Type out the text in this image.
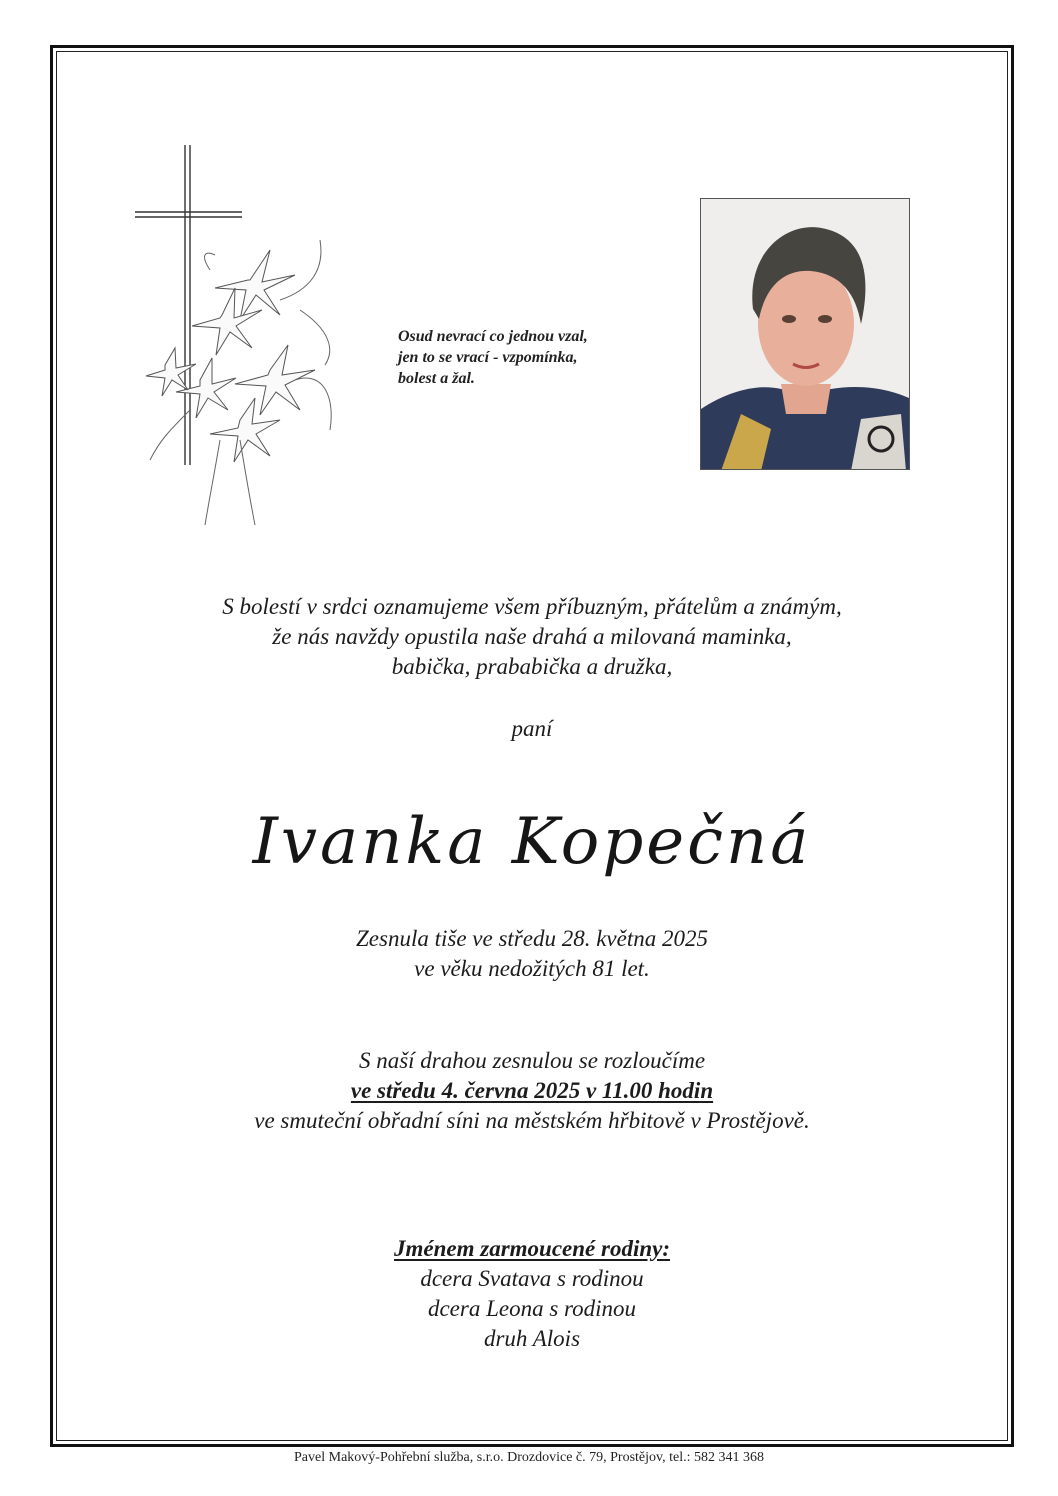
Osud nevrací co jednou vzal,
jen to se vrací - vzpomínka,
bolest a žal.
S bolestí v srdci oznamujeme všem příbuzným, přátelům a známým,
že nás navždy opustila naše drahá a milovaná maminka,
babička, prababička a družka,
paní
Ivanka Kopečná
Zesnula tiše ve středu 28. května 2025
ve věku nedožitých 81 let.
S naší drahou zesnulou se rozloučíme
ve středu 4. června 2025 v 11.00 hodin
ve smuteční obřadní síni na městském hřbitově v Prostějově.
Jménem zarmoucené rodiny:
dcera Svatava s rodinou
dcera Leona s rodinou
druh Alois
Pavel Makový-Pohřební služba, s.r.o. Drozdovice č. 79, Prostějov, tel.: 582 341 368
